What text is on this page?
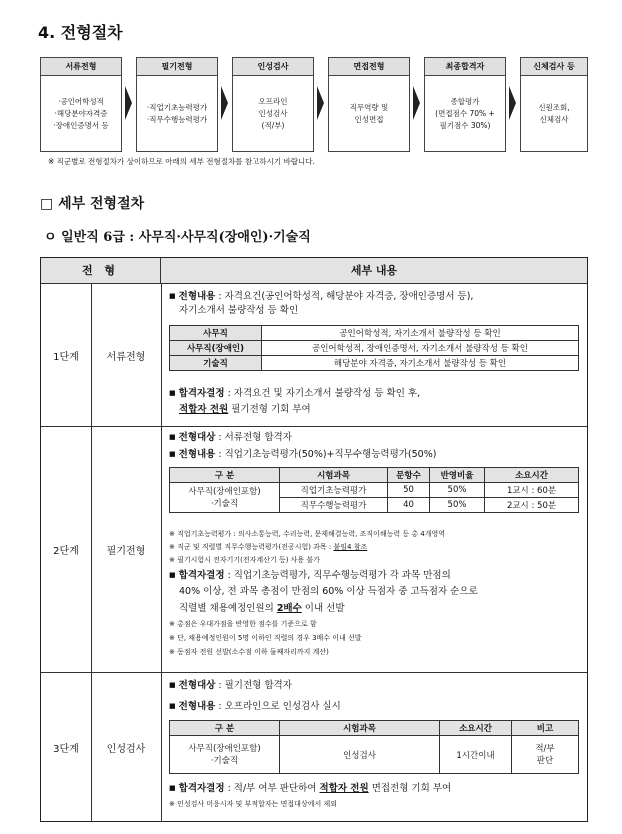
4. 전형절차
서류전형
·공인어학성적
·해당분야자격증
·장애인증명서 등
필기전형
·직업기초능력평가
·직무수행능력평가
인성검사
오프라인
인성검사
(적/부)
면접전형
직무역량 및
인성면접
최종합격자
종합평가
(면접점수 70% +
필기점수 30%)
신체검사 등
신원조회,
신체검사
※ 직군별로 전형절차가 상이하므로 아래의 세부 전형절차를 참고하시기 바랍니다.
□ 세부 전형절차
ㅇ 일반직 6급 : 사무직·사무직(장애인)·기술직
전 형	세부 내용
1단계	서류전형
■ 전형내용 : 자격요건(공인어학성적, 해당분야 자격증, 장애인증명서 등),
자기소개서 불량작성 등 확인
사무직	공인어학성적, 자기소개서 불량작성 등 확인
사무직(장애인)	공인어학성적, 장애인증명서, 자기소개서 불량작성 등 확인
기술직	해당분야 자격증, 자기소개서 불량작성 등 확인
■ 합격자결정 : 자격요건 및 자기소개서 불량작성 등 확인 후,
적합자 전원 필기전형 기회 부여
2단계	필기전형
■ 전형대상 : 서류전형 합격자
■ 전형내용 : 직업기초능력평가(50%)+직무수행능력평가(50%)
구 분	시험과목	문항수	반영비율	소요시간
사무직(장애인포함)
·기술직	직업기초능력평가	50	50%	1교시 : 60분
	직무수행능력평가	40	50%	2교시 : 50분
※ 직업기초능력평가 : 의사소통능력, 수리능력, 문제해결능력, 조직이해능력 등 총 4개영역
※ 직군 및 직렬별 직무수행능력평가(전공시험) 과목 : 붙임4 참조
※ 필기시험시 전자기기(전자계산기 등) 사용 불가
■ 합격자결정 : 직업기초능력평가, 직무수행능력평가 각 과목 만점의
40% 이상, 전 과목 총점이 만점의 60% 이상 득점자 중 고득점자 순으로
직렬별 채용예정인원의 2배수 이내 선발
※ 총점은 우대가점을 반영한 점수를 기준으로 함
※ 단, 채용예정인원이 5명 이하인 직렬의 경우 3배수 이내 선발
※ 동점자 전원 선발(소수점 이하 둘째자리까지 계산)
3단계	인성검사
■ 전형대상 : 필기전형 합격자
■ 전형내용 : 오프라인으로 인성검사 실시
구 분	시험과목	소요시간	비고
사무직(장애인포함)
·기술직	인성검사	1시간이내	적/부
판단
■ 합격자결정 : 적/부 여부 판단하여 적합자 전원 면접전형 기회 부여
※ 인성검사 미응시자 및 부적합자는 면접대상에서 제외
